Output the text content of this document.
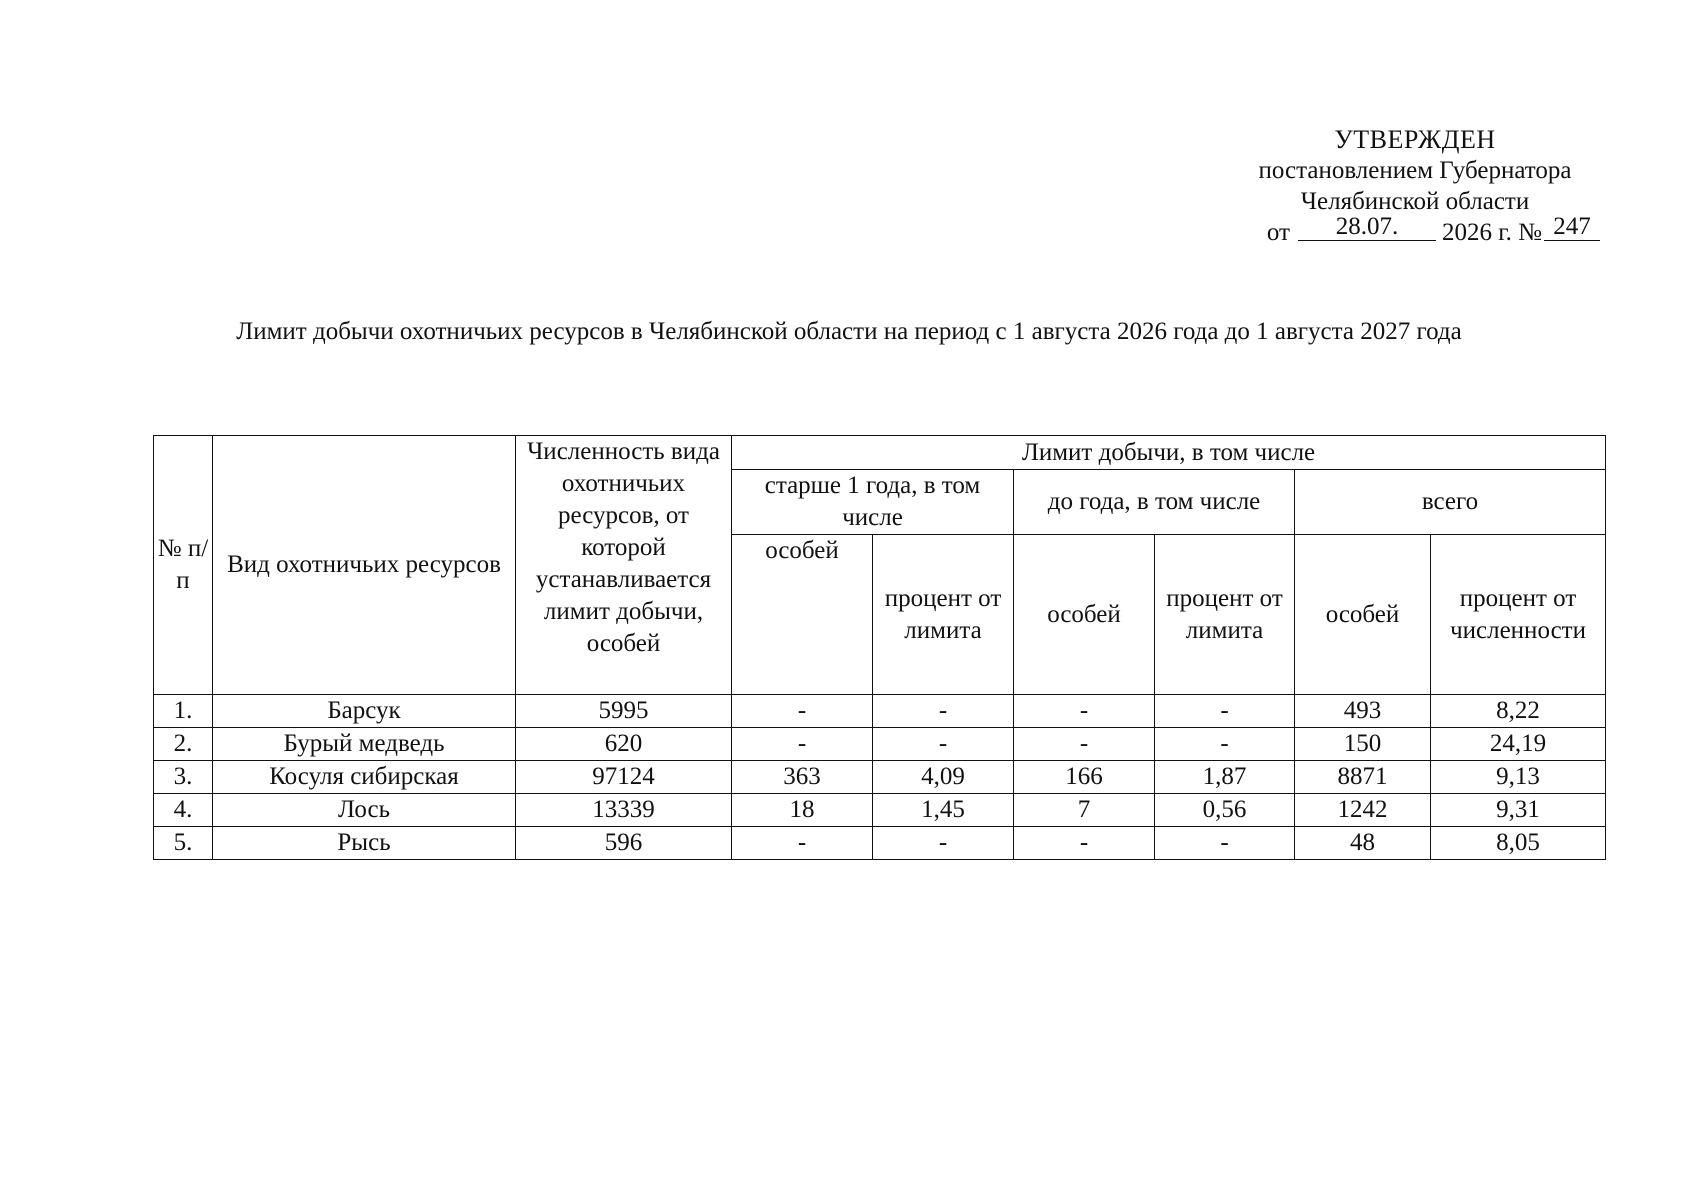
УТВЕРЖДЕН
постановлением Губернатора
Челябинской области
от 28.07. 2026 г. № 247
Лимит добычи охотничьих ресурсов в Челябинской области на период с 1 августа 2026 года до 1 августа 2027 года
№ п/п	Вид охотничьих ресурсов	Численность вида охотничьих ресурсов, от которой устанавливается лимит добычи, особей	Лимит добычи, в том числе					

			старше 1 года, в том числе		до года, в том числе		всего	

			особей	процент от лимита	особей	процент от лимита	особей	процент от численности

1.	Барсук	5995	-	-	-	-	493	8,22
2.	Бурый медведь	620	-	-	-	-	150	24,19
3.	Косуля сибирская	97124	363	4,09	166	1,87	8871	9,13
4.	Лось	13339	18	1,45	7	0,56	1242	9,31
5.	Рысь	596	-	-	-	-	48	8,05
